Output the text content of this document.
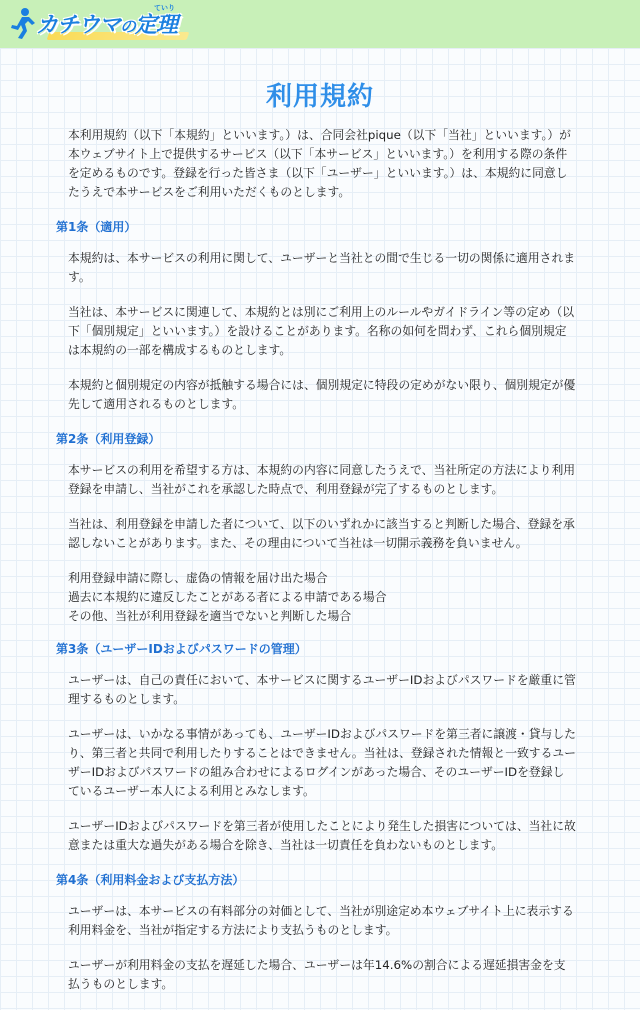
カチウマの定理
ていり
利用規約

本利用規約（以下「本規約」といいます。）は、合同会社pique（以下「当社」といいます。）が本ウェブサイト上で提供するサービス（以下「本サービス」といいます。）を利用する際の条件を定めるものです。登録を行った皆さま（以下「ユーザー」といいます。）は、本規約に同意したうえで本サービスをご利用いただくものとします。

第1条（適用）

本規約は、本サービスの利用に関して、ユーザーと当社との間で生じる一切の関係に適用されます。

当社は、本サービスに関連して、本規約とは別にご利用上のルールやガイドライン等の定め（以下「個別規定」といいます。）を設けることがあります。名称の如何を問わず、これら個別規定は本規約の一部を構成するものとします。

本規約と個別規定の内容が抵触する場合には、個別規定に特段の定めがない限り、個別規定が優先して適用されるものとします。

第2条（利用登録）

本サービスの利用を希望する方は、本規約の内容に同意したうえで、当社所定の方法により利用登録を申請し、当社がこれを承認した時点で、利用登録が完了するものとします。

当社は、利用登録を申請した者について、以下のいずれかに該当すると判断した場合、登録を承認しないことがあります。また、その理由について当社は一切開示義務を負いません。

利用登録申請に際し、虚偽の情報を届け出た場合
過去に本規約に違反したことがある者による申請である場合
その他、当社が利用登録を適当でないと判断した場合
第3条（ユーザーIDおよびパスワードの管理）

ユーザーは、自己の責任において、本サービスに関するユーザーIDおよびパスワードを厳重に管理するものとします。

ユーザーは、いかなる事情があっても、ユーザーIDおよびパスワードを第三者に譲渡・貸与したり、第三者と共同で利用したりすることはできません。当社は、登録された情報と一致するユーザーIDおよびパスワードの組み合わせによるログインがあった場合、そのユーザーIDを登録しているユーザー本人による利用とみなします。

ユーザーIDおよびパスワードを第三者が使用したことにより発生した損害については、当社に故意または重大な過失がある場合を除き、当社は一切責任を負わないものとします。

第4条（利用料金および支払方法）

ユーザーは、本サービスの有料部分の対価として、当社が別途定め本ウェブサイト上に表示する利用料金を、当社が指定する方法により支払うものとします。

ユーザーが利用料金の支払を遅延した場合、ユーザーは年14.6%の割合による遅延損害金を支払うものとします。
